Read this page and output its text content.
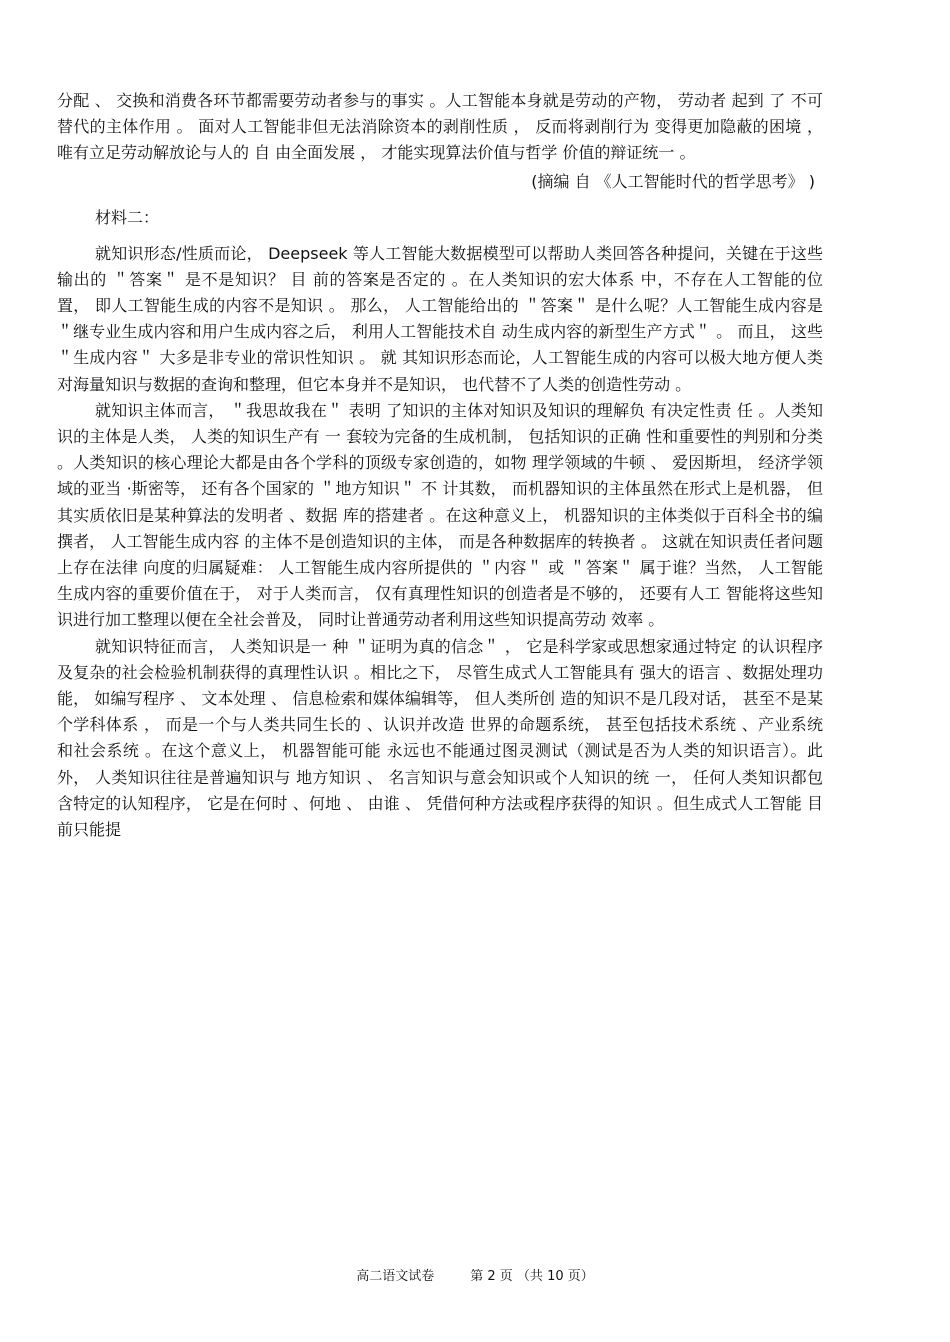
分配 、 交换和消费各环节都需要劳动者参与的事实 。人工智能本身就是劳动的产物， 劳动者 起到 了 不可替代的主体作用 。 面对人工智能非但无法消除资本的剥削性质 ， 反而将剥削行为 变得更加隐蔽的困境 ， 唯有立足劳动解放论与人的 自 由全面发展 ， 才能实现算法价值与哲学 价值的辩证统一 。

(摘编 自 《人工智能时代的哲学思考》 )

材料二：

就知识形态/性质而论， Deepseek 等人工智能大数据模型可以帮助人类回答各种提问，关键在于这些输出的 ＂答案＂ 是不是知识？ 目 前的答案是否定的 。在人类知识的宏大体系 中，不存在人工智能的位置， 即人工智能生成的内容不是知识 。 那么， 人工智能给出的 ＂答案＂ 是什么呢？人工智能生成内容是 ＂继专业生成内容和用户生成内容之后， 利用人工智能技术自 动生成内容的新型生产方式＂ 。 而且， 这些 ＂生成内容＂ 大多是非专业的常识性知识 。 就 其知识形态而论，人工智能生成的内容可以极大地方便人类对海量知识与数据的查询和整理，但它本身并不是知识， 也代替不了人类的创造性劳动 。

就知识主体而言， ＂我思故我在＂ 表明 了知识的主体对知识及知识的理解负 有决定性责 任 。人类知识的主体是人类， 人类的知识生产有 一 套较为完备的生成机制， 包括知识的正确 性和重要性的判别和分类 。人类知识的核心理论大都是由各个学科的顶级专家创造的，如物 理学领域的牛顿 、 爱因斯坦， 经济学领域的亚当 ·斯密等， 还有各个国家的 ＂地方知识＂ 不 计其数， 而机器知识的主体虽然在形式上是机器， 但其实质依旧是某种算法的发明者 、数据 库的搭建者 。在这种意义上， 机器知识的主体类似于百科全书的编撰者， 人工智能生成内容 的主体不是创造知识的主体， 而是各种数据库的转换者 。 这就在知识责任者问题上存在法律 向度的归属疑难： 人工智能生成内容所提供的 ＂内容＂ 或 ＂答案＂ 属于谁？当然， 人工智能 生成内容的重要价值在于， 对于人类而言， 仅有真理性知识的创造者是不够的， 还要有人工 智能将这些知识进行加工整理以便在全社会普及， 同时让普通劳动者利用这些知识提高劳动 效率 。

就知识特征而言， 人类知识是一 种 ＂证明为真的信念＂ ， 它是科学家或思想家通过特定 的认识程序及复杂的社会检验机制获得的真理性认识 。相比之下， 尽管生成式人工智能具有 强大的语言 、数据处理功能， 如编写程序 、 文本处理 、 信息检索和媒体编辑等， 但人类所创 造的知识不是几段对话， 甚至不是某个学科体系 ， 而是一个与人类共同生长的 、认识并改造 世界的命题系统， 甚至包括技术系统 、产业系统和社会系统 。在这个意义上， 机器智能可能 永远也不能通过图灵测试（测试是否为人类的知识语言）。此外， 人类知识往往是普遍知识与 地方知识 、 名言知识与意会知识或个人知识的统 一， 任何人类知识都包含特定的认知程序， 它是在何时 、何地 、 由谁 、 凭借何种方法或程序获得的知识 。但生成式人工智能 目 前只能提

高二语文试卷	第 2 页 （共 10 页）
